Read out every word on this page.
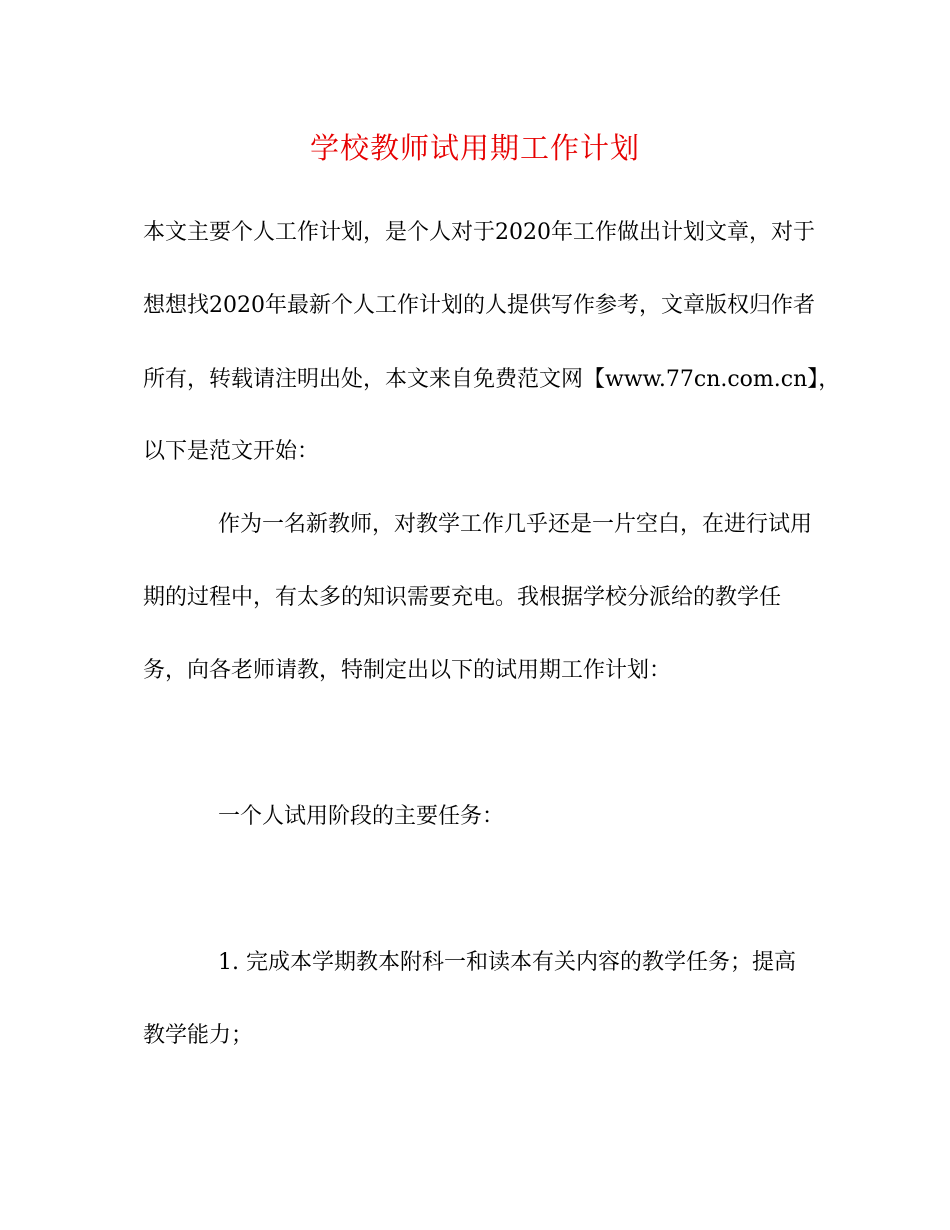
学校教师试用期工作计划
本文主要个人工作计划，是个人对于2020年工作做出计划文章，对于
想想找2020年最新个人工作计划的人提供写作参考，文章版权归作者
所有，转载请注明出处，本文来自免费范文网【www.77cn.com.cn】，
以下是范文开始：
作为一名新教师，对教学工作几乎还是一片空白，在进行试用
期的过程中，有太多的知识需要充电。我根据学校分派给的教学任
务，向各老师请教，特制定出以下的试用期工作计划：
一个人试用阶段的主要任务：
1. 完成本学期教本附科一和读本有关内容的教学任务；提高
教学能力；
